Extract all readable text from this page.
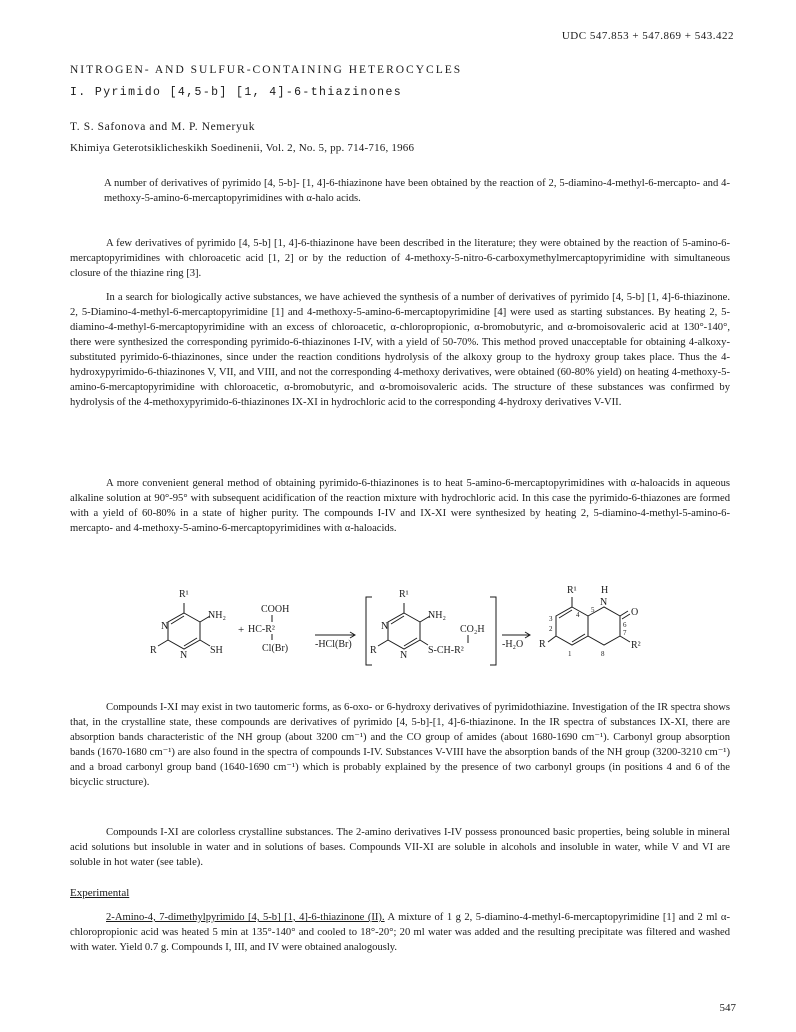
UDC 547.853 + 547.869 + 543.422
NITROGEN- AND SULFUR-CONTAINING HETEROCYCLES
I. Pyrimido [4,5-b] [1, 4]-6-thiazinones
T. S. Safonova and M. P. Nemeryuk
Khimiya Geterotsiklicheskikh Soedinenii, Vol. 2, No. 5, pp. 714-716, 1966

A number of derivatives of pyrimido [4, 5-b]- [1, 4]-6-thiazinone have been obtained by the reaction of 2, 5-diamino-4-methyl-6-mercapto- and 4-methoxy-5-amino-6-mercaptopyrimidines with α-halo acids.

A few derivatives of pyrimido [4, 5-b] [1, 4]-6-thiazinone have been described in the literature; they were obtained by the reaction of 5-amino-6-mercaptopyrimidines with chloroacetic acid [1, 2] or by the reduction of 4-methoxy-5-nitro-6-carboxymethylmercaptopyrimidine with simultaneous closure of the thiazine ring [3].

In a search for biologically active substances, we have achieved the synthesis of a number of derivatives of pyrimido [4, 5-b] [1, 4]-6-thiazinone. 2, 5-Diamino-4-methyl-6-mercaptopyrimidine [1] and 4-methoxy-5-amino-6-mercaptopyrimidine [4] were used as starting substances. By heating 2, 5-diamino-4-methyl-6-mercaptopyrimidine with an excess of chloroacetic, α-chloropropionic, α-bromobutyric, and α-bromoisovaleric acid at 130°-140°, there were synthesized the corresponding pyrimido-6-thiazinones I-IV, with a yield of 50-70%. This method proved unacceptable for obtaining 4-alkoxy-substituted pyrimido-6-thiazinones, since under the reaction conditions hydrolysis of the alkoxy group to the hydroxy group takes place. Thus the 4-hydroxypyrimido-6-thiazinones V, VII, and VIII, and not the corresponding 4-methoxy derivatives, were obtained (60-80% yield) on heating 4-methoxy-5-amino-6-mercaptopyrimidine with chloroacetic, α-bromobutyric, and α-bromoisovaleric acids. The structure of these substances was confirmed by hydrolysis of the 4-methoxypyrimido-6-thiazinones IX-XI in hydrochloric acid to the corresponding 4-hydroxy derivatives V-VII.

A more convenient general method of obtaining pyrimido-6-thiazinones is to heat 5-amino-6-mercaptopyrimidines with α-haloacids in aqueous alkaline solution at 90°-95° with subsequent acidification of the reaction mixture with hydrochloric acid. In this case the pyrimido-6-thiazones are formed with a yield of 60-80% in a state of higher purity. The compounds I-IV and IX-XI were synthesized by heating 2, 5-diamino-4-methyl-5-amino-6-mercapto- and 4-methoxy-5-amino-6-mercaptopyrimidines with α-haloacids.

R¹
NH₂
N
N
R	SH
+
COOH
HC-R²
Cl(Br)	-HCl(Br)
R¹
NH₂
CO₂H
N
N
R	S-CH-R²
-H₂O
R¹ H
N
O
R	R²
1
2
3	4
5
6
7
8

Compounds I-XI may exist in two tautomeric forms, as 6-oxo- or 6-hydroxy derivatives of pyrimidothiazine. Investigation of the IR spectra shows that, in the crystalline state, these compounds are derivatives of pyrimido [4, 5-b]-[1, 4]-6-thiazinone. In the IR spectra of substances IX-XI, there are absorption bands characteristic of the NH group (about 3200 cm⁻¹) and the CO group of amides (about 1680-1690 cm⁻¹). Carbonyl group absorption bands (1670-1680 cm⁻¹) are also found in the spectra of compounds I-IV. Substances V-VIII have the absorption bands of the NH group (3200-3210 cm⁻¹) and a broad carbonyl group band (1640-1690 cm⁻¹) which is probably explained by the presence of two carbonyl groups (in positions 4 and 6 of the bicyclic structure).

Compounds I-XI are colorless crystalline substances. The 2-amino derivatives I-IV possess pronounced basic properties, being soluble in mineral acid solutions but insoluble in water and in solutions of bases. Compounds VII-XI are soluble in alcohols and insoluble in water, while V and VI are soluble in hot water (see table).

Experimental

2-Amino-4, 7-dimethylpyrimido [4, 5-b] [1, 4]-6-thiazinone (II). A mixture of 1 g 2, 5-diamino-4-methyl-6-mercaptopyrimidine [1] and 2 ml α-chloropropionic acid was heated 5 min at 135°-140° and cooled to 18°-20°; 20 ml water was added and the resulting precipitate was filtered and washed with water. Yield 0.7 g. Compounds I, III, and IV were obtained analogously.

547
